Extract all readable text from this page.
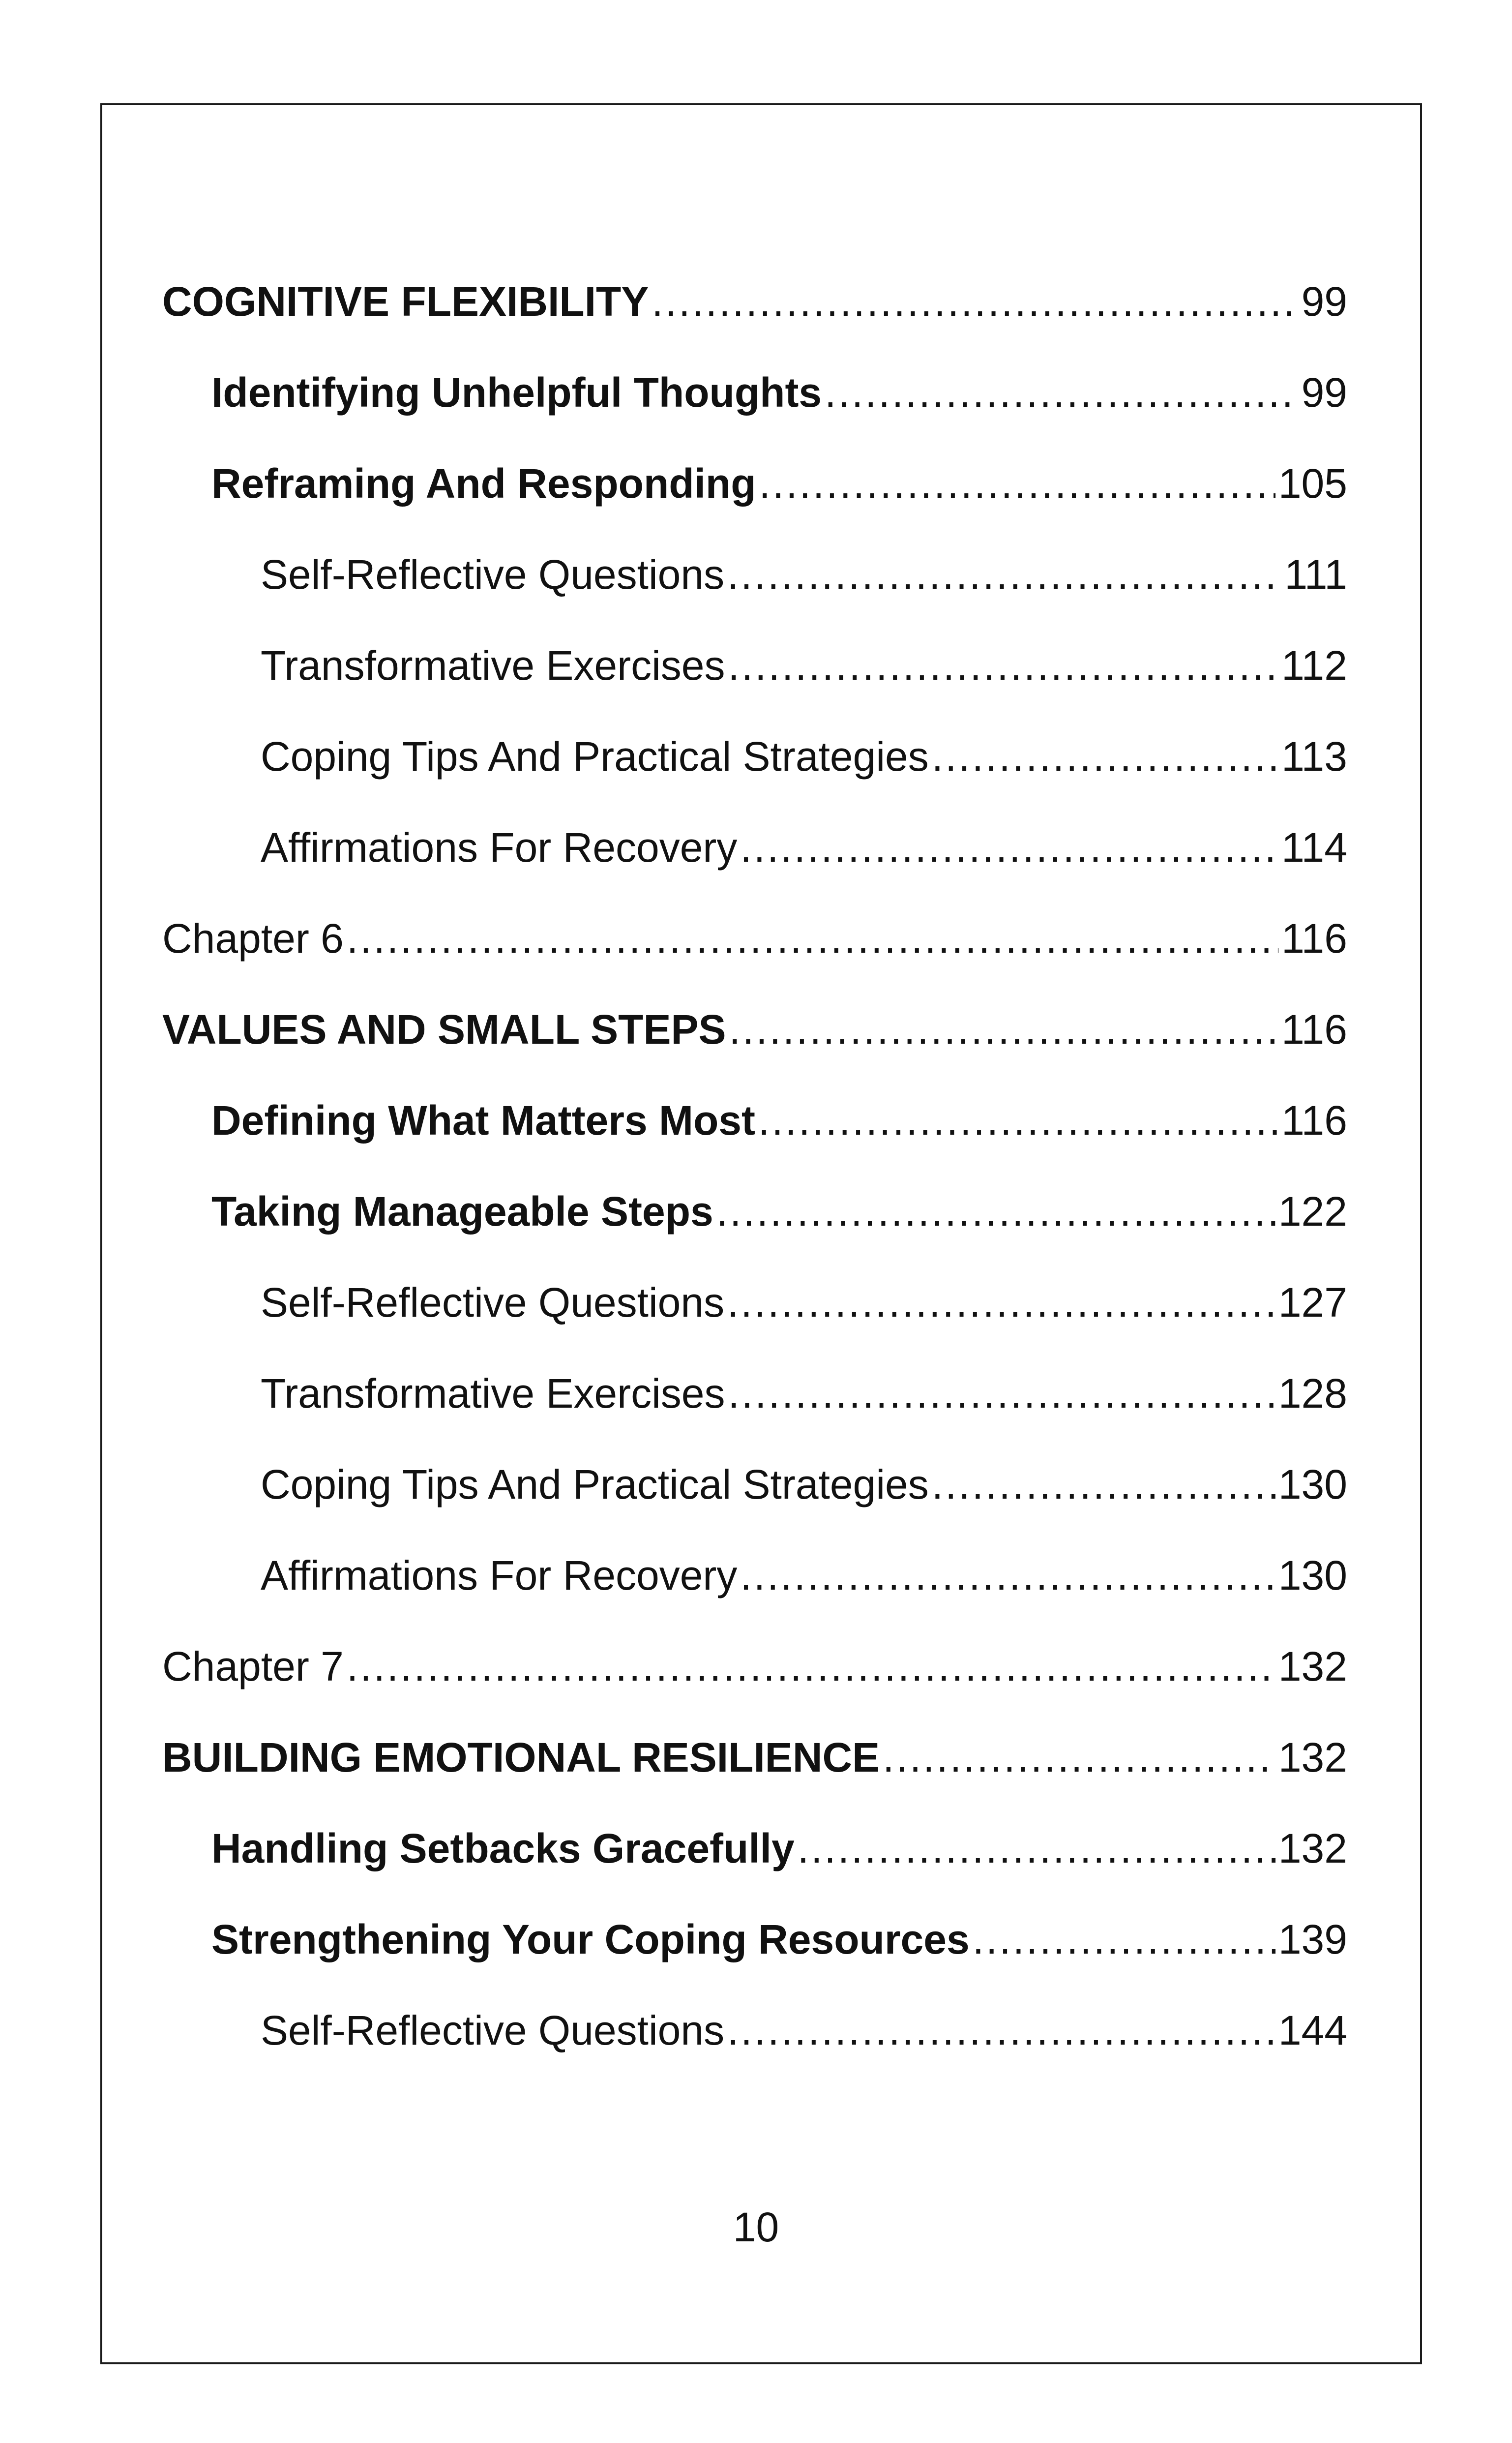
COGNITIVE FLEXIBILITY .....	99
Identifying Unhelpful Thoughts .....	99
Reframing And Responding .....	105
Self-Reflective Questions .....	111
Transformative Exercises .....	112
Coping Tips And Practical Strategies .....	113
Affirmations For Recovery .....	114
Chapter 6 .....	116
VALUES AND SMALL STEPS .....	116
Defining What Matters Most .....	116
Taking Manageable Steps .....	122
Self-Reflective Questions .....	127
Transformative Exercises .....	128
Coping Tips And Practical Strategies .....	130
Affirmations For Recovery .....	130
Chapter 7 .....	132
BUILDING EMOTIONAL RESILIENCE .....	132
Handling Setbacks Gracefully .....	132
Strengthening Your Coping Resources .....	139
Self-Reflective Questions .....	144
10
